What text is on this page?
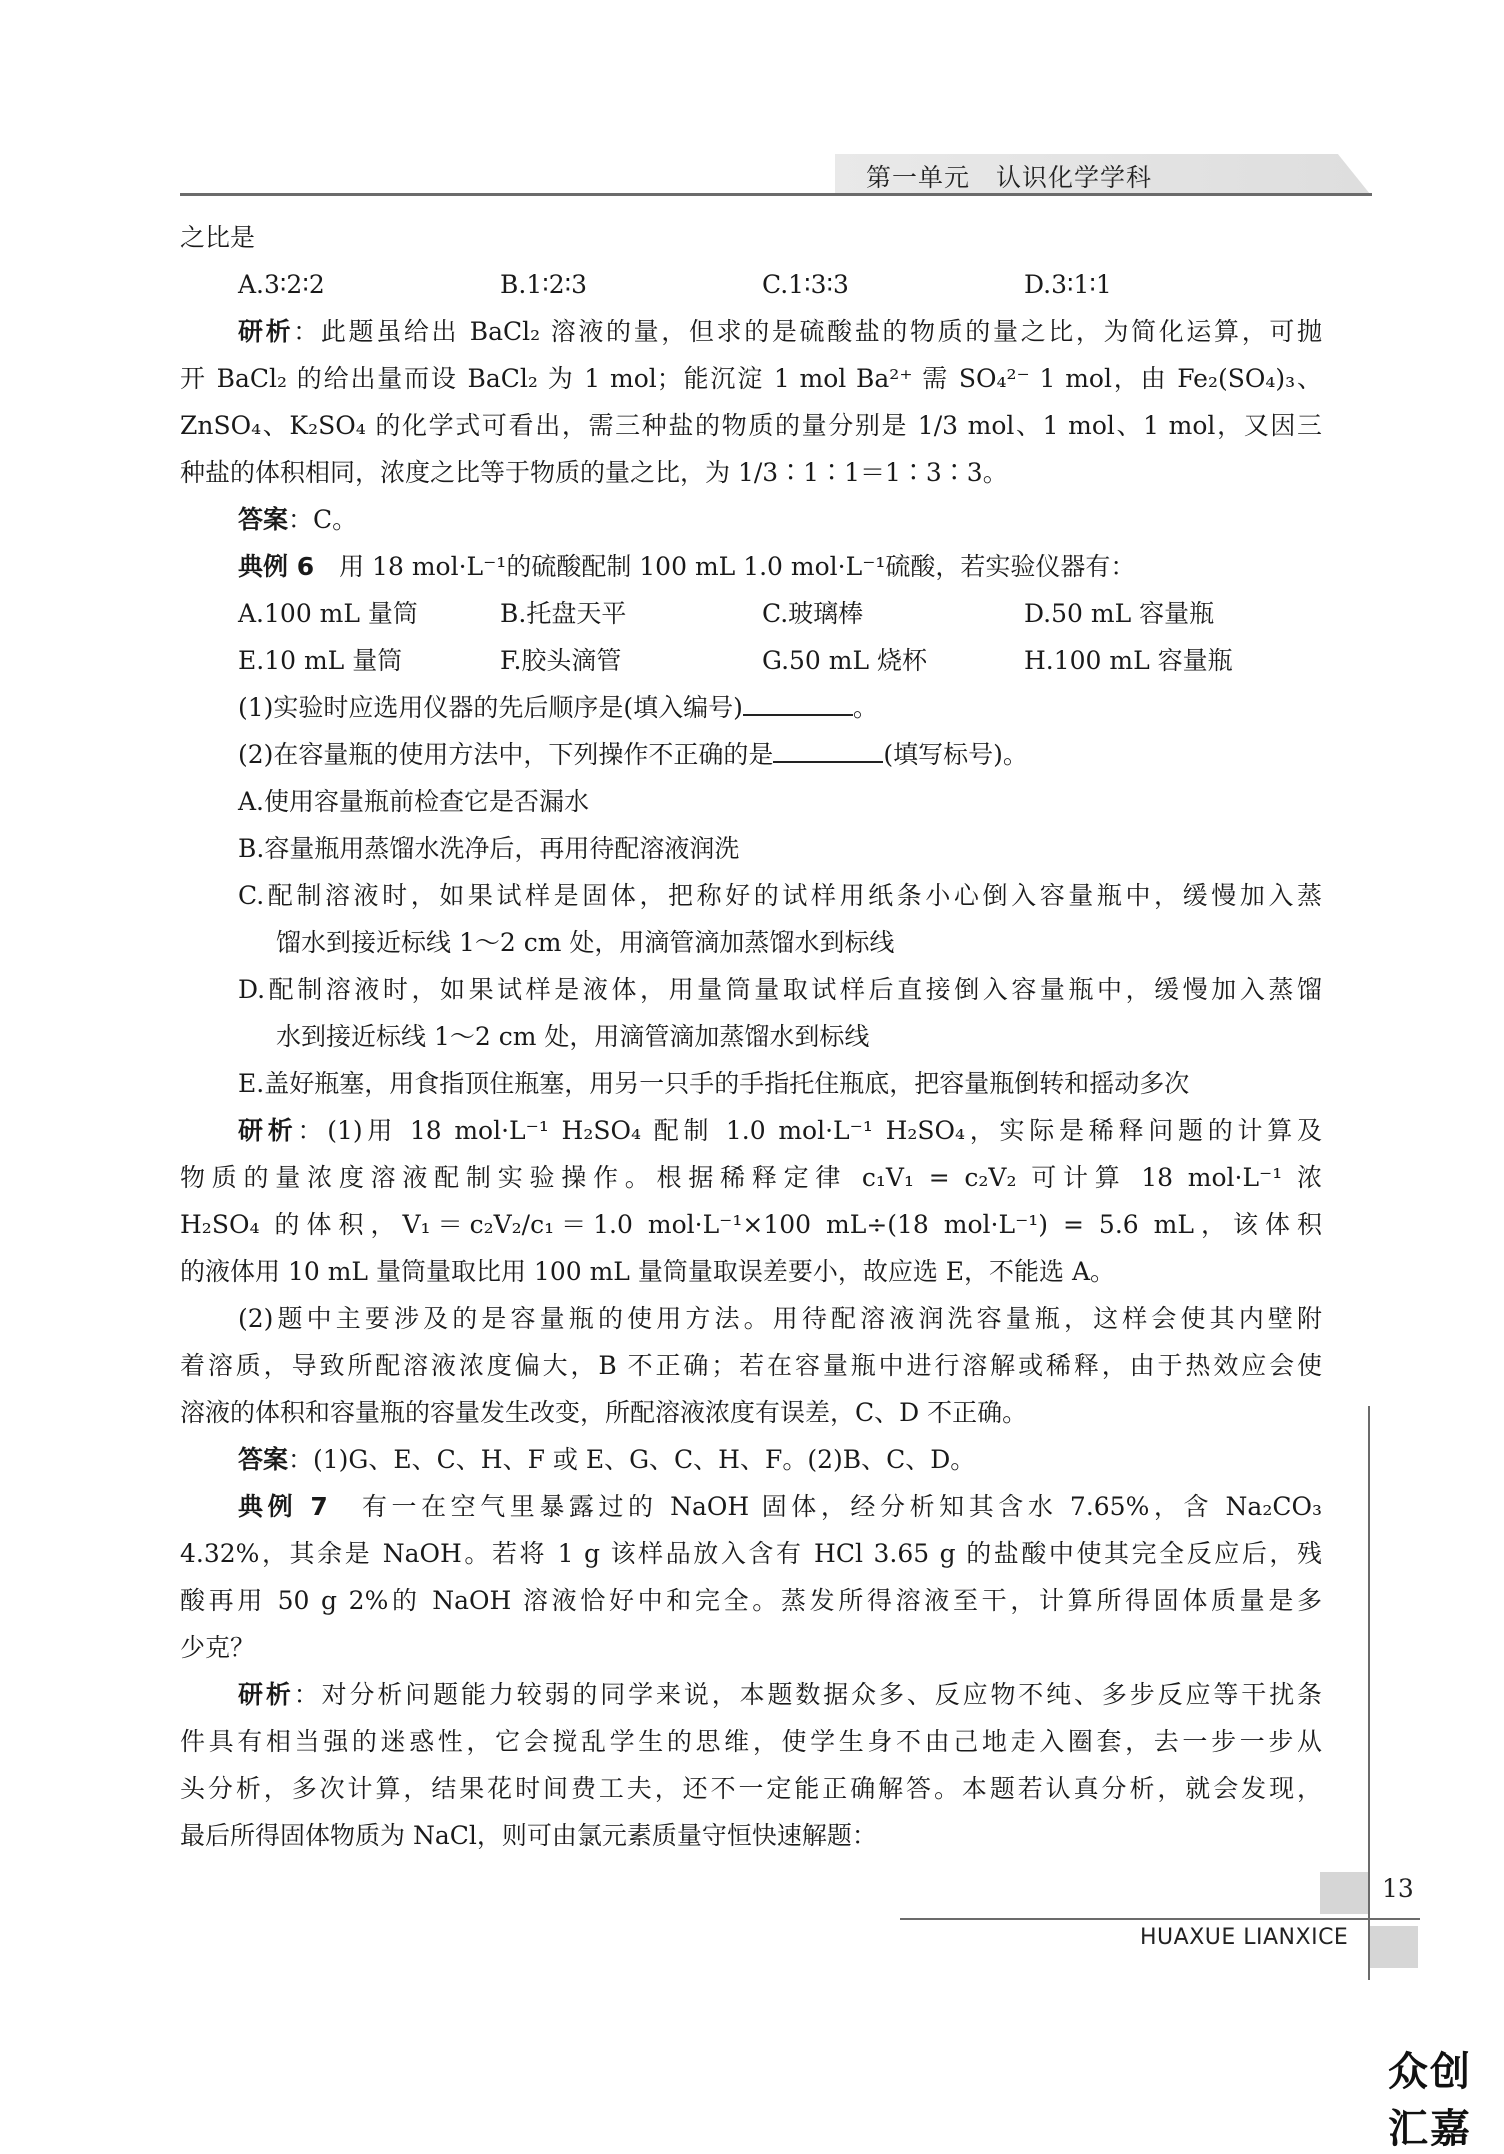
第一单元　认识化学学科
之比是
A.3∶2∶2	B.1∶2∶3	C.1∶3∶3	D.3∶1∶1
研析：此题虽给出 BaCl₂ 溶液的量，但求的是硫酸盐的物质的量之比，为简化运算，可抛
开 BaCl₂ 的给出量而设 BaCl₂ 为 1 mol；能沉淀 1 mol Ba²⁺ 需 SO₄²⁻ 1 mol，由 Fe₂(SO₄)₃、
ZnSO₄、K₂SO₄ 的化学式可看出，需三种盐的物质的量分别是 1/3 mol、1 mol、1 mol，又因三
种盐的体积相同，浓度之比等于物质的量之比，为 1/3∶1∶1＝1∶3∶3。
答案：C。
典例 6　用 18 mol·L⁻¹的硫酸配制 100 mL 1.0 mol·L⁻¹硫酸，若实验仪器有：
A.100 mL 量筒	B.托盘天平	C.玻璃棒	D.50 mL 容量瓶
E.10 mL 量筒	F.胶头滴管	G.50 mL 烧杯	H.100 mL 容量瓶
(1)实验时应选用仪器的先后顺序是(填入编号)	。
(2)在容量瓶的使用方法中，下列操作不正确的是	(填写标号)。
A.使用容量瓶前检查它是否漏水
B.容量瓶用蒸馏水洗净后，再用待配溶液润洗
C.配制溶液时，如果试样是固体，把称好的试样用纸条小心倒入容量瓶中，缓慢加入蒸
馏水到接近标线 1～2 cm 处，用滴管滴加蒸馏水到标线
D.配制溶液时，如果试样是液体，用量筒量取试样后直接倒入容量瓶中，缓慢加入蒸馏
水到接近标线 1～2 cm 处，用滴管滴加蒸馏水到标线
E.盖好瓶塞，用食指顶住瓶塞，用另一只手的手指托住瓶底，把容量瓶倒转和摇动多次
研析：(1)用 18 mol·L⁻¹ H₂SO₄ 配制 1.0 mol·L⁻¹ H₂SO₄，实际是稀释问题的计算及
物质的量浓度溶液配制实验操作。根据稀释定律 c₁V₁ = c₂V₂ 可计算 18 mol·L⁻¹ 浓
H₂SO₄ 的体积，V₁＝c₂V₂/c₁＝1.0 mol·L⁻¹×100 mL÷(18 mol·L⁻¹) = 5.6 mL，该体积
的液体用 10 mL 量筒量取比用 100 mL 量筒量取误差要小，故应选 E，不能选 A。
(2)题中主要涉及的是容量瓶的使用方法。用待配溶液润洗容量瓶，这样会使其内壁附
着溶质，导致所配溶液浓度偏大，B 不正确；若在容量瓶中进行溶解或稀释，由于热效应会使
溶液的体积和容量瓶的容量发生改变，所配溶液浓度有误差，C、D 不正确。
答案：(1)G、E、C、H、F 或 E、G、C、H、F。(2)B、C、D。
典例 7　有一在空气里暴露过的 NaOH 固体，经分析知其含水 7.65%，含 Na₂CO₃
4.32%，其余是 NaOH。若将 1 g 该样品放入含有 HCl 3.65 g 的盐酸中使其完全反应后，残
酸再用 50 g 2%的 NaOH 溶液恰好中和完全。蒸发所得溶液至干，计算所得固体质量是多
少克？
研析：对分析问题能力较弱的同学来说，本题数据众多、反应物不纯、多步反应等干扰条
件具有相当强的迷惑性，它会搅乱学生的思维，使学生身不由己地走入圈套，去一步一步从
头分析，多次计算，结果花时间费工夫，还不一定能正确解答。本题若认真分析，就会发现，
最后所得固体物质为 NaCl，则可由氯元素质量守恒快速解题：
13
HUAXUE LIANXICE
众创汇嘉
